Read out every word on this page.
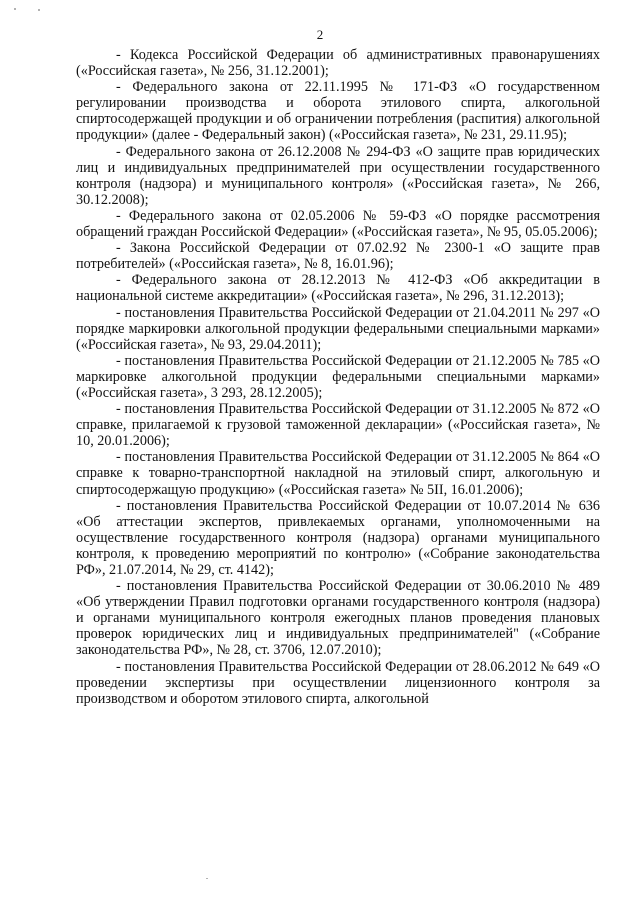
2

- Кодекса Российской Федерации об административных правонарушениях («Российская газета», № 256, 31.12.2001);

- Федерального закона от 22.11.1995 № 171-ФЗ «О государственном регулировании производства и оборота этилового спирта, алкогольной спиртосодержащей продукции и об ограничении потребления (распития) алкогольной продукции» (далее - Федеральный закон) («Российская газета», № 231, 29.11.95);

- Федерального закона от 26.12.2008 № 294-ФЗ «О защите прав юридических лиц и индивидуальных предпринимателей при осуществлении государственного контроля (надзора) и муниципального контроля» («Российская газета», № 266, 30.12.2008);

- Федерального закона от 02.05.2006 № 59-ФЗ «О порядке рассмотрения обращений граждан Российской Федерации» («Российская газета», № 95, 05.05.2006);

- Закона Российской Федерации от 07.02.92 № 2300-1 «О защите прав потребителей» («Российская газета», № 8, 16.01.96);

- Федерального закона от 28.12.2013 № 412-ФЗ «Об аккредитации в национальной системе аккредитации» («Российская газета», № 296, 31.12.2013);

- постановления Правительства Российской Федерации от 21.04.2011 № 297 «О порядке маркировки алкогольной продукции федеральными специальными марками» («Российская газета», № 93, 29.04.2011);

- постановления Правительства Российской Федерации от 21.12.2005 № 785 «О маркировке алкогольной продукции федеральными специальными марками» («Российская газета», 3 293, 28.12.2005);

- постановления Правительства Российской Федерации от 31.12.2005 № 872 «О справке, прилагаемой к грузовой таможенной декларации» («Российская газета», № 10, 20.01.2006);

- постановления Правительства Российской Федерации от 31.12.2005 № 864 «О справке к товарно-транспортной накладной на этиловый спирт, алкогольную и спиртосодержащую продукцию» («Российская газета» № 5II, 16.01.2006);

- постановления Правительства Российской Федерации от 10.07.2014 № 636 «Об аттестации экспертов, привлекаемых органами, уполномоченными на осуществление государственного контроля (надзора) органами муниципального контроля, к проведению мероприятий по контролю» («Собрание законодательства РФ», 21.07.2014, № 29, ст. 4142);

- постановления Правительства Российской Федерации от 30.06.2010 № 489 «Об утверждении Правил подготовки органами государственного контроля (надзора) и органами муниципального контроля ежегодных планов проведения плановых проверок юридических лиц и индивидуальных предпринимателей" («Собрание законодательства РФ», № 28, ст. 3706, 12.07.2010);

- постановления Правительства Российской Федерации от 28.06.2012 № 649 «О проведении экспертизы при осуществлении лицензионного контроля за производством и оборотом этилового спирта, алкогольной
